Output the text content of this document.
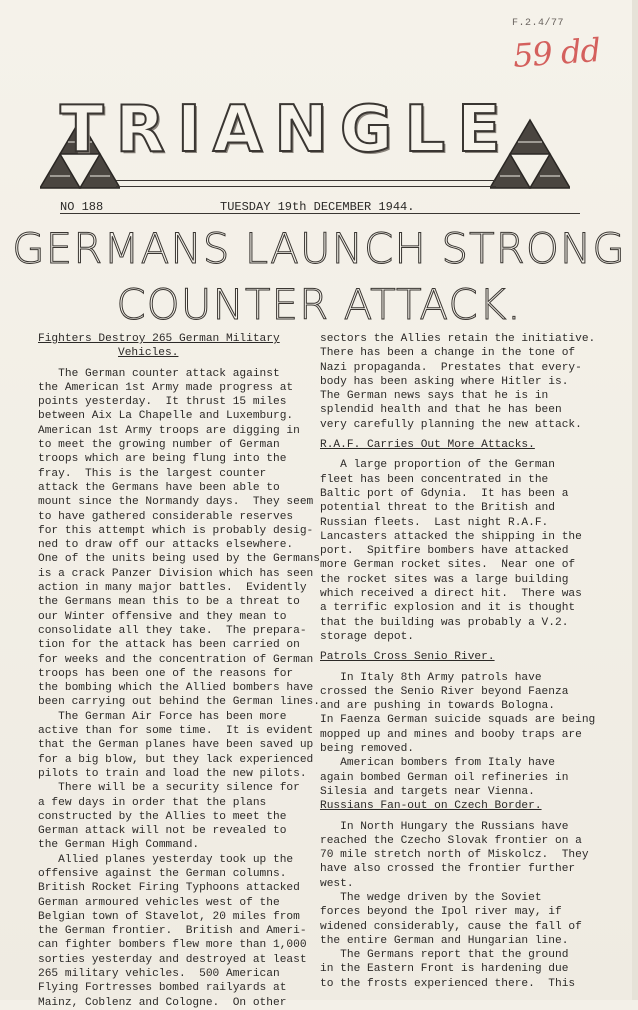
F.2.4/77
59 dd
TRIANGLE
NO 188	TUESDAY 19th DECEMBER 1944.
GERMANS LAUNCH STRONG
COUNTER ATTACK.

Fighters Destroy 265 German Military

Vehicles.

The German counter attack against

the American 1st Army made progress at

points yesterday.  It thrust 15 miles

between Aix La Chapelle and Luxemburg.

American 1st Army troops are digging in

to meet the growing number of German

troops which are being flung into the

fray.  This is the largest counter

attack the Germans have been able to

mount since the Normandy days.  They seem

to have gathered considerable reserves

for this attempt which is probably desig-

ned to draw off our attacks elsewhere.

One of the units being used by the Germans

is a crack Panzer Division which has seen

action in many major battles.  Evidently

the Germans mean this to be a threat to

our Winter offensive and they mean to

consolidate all they take.  The prepara-

tion for the attack has been carried on

for weeks and the concentration of German

troops has been one of the reasons for

the bombing which the Allied bombers have

been carrying out behind the German lines.

The German Air Force has been more

active than for some time.  It is evident

that the German planes have been saved up

for a big blow, but they lack experienced

pilots to train and load the new pilots.

There will be a security silence for

a few days in order that the plans

constructed by the Allies to meet the

German attack will not be revealed to

the German High Command.

Allied planes yesterday took up the

offensive against the German columns.

British Rocket Firing Typhoons attacked

German armoured vehicles west of the

Belgian town of Stavelot, 20 miles from

the German frontier.  British and Ameri-

can fighter bombers flew more than 1,000

sorties yesterday and destroyed at least

265 military vehicles.  500 American

Flying Fortresses bombed railyards at

Mainz, Coblenz and Cologne.  On other

sectors the Allies retain the initiative.

There has been a change in the tone of

Nazi propaganda.  Prestates that every-

body has been asking where Hitler is.

The German news says that he is in

splendid health and that he has been

very carefully planning the new attack.

R.A.F. Carries Out More Attacks.

A large proportion of the German

fleet has been concentrated in the

Baltic port of Gdynia.  It has been a

potential threat to the British and

Russian fleets.  Last night R.A.F.

Lancasters attacked the shipping in the

port.  Spitfire bombers have attacked

more German rocket sites.  Near one of

the rocket sites was a large building

which received a direct hit.  There was

a terrific explosion and it is thought

that the building was probably a V.2.

storage depot.

Patrols Cross Senio River.

In Italy 8th Army patrols have

crossed the Senio River beyond Faenza

and are pushing in towards Bologna.

In Faenza German suicide squads are being

mopped up and mines and booby traps are

being removed.

American bombers from Italy have

again bombed German oil refineries in

Silesia and targets near Vienna.

Russians Fan-out on Czech Border.

In North Hungary the Russians have

reached the Czecho Slovak frontier on a

70 mile stretch north of Miskolcz.  They

have also crossed the frontier further

west.

The wedge driven by the Soviet

forces beyond the Ipol river may, if

widened considerably, cause the fall of

the entire German and Hungarian line.

The Germans report that the ground

in the Eastern Front is hardening due

to the frosts experienced there.  This
